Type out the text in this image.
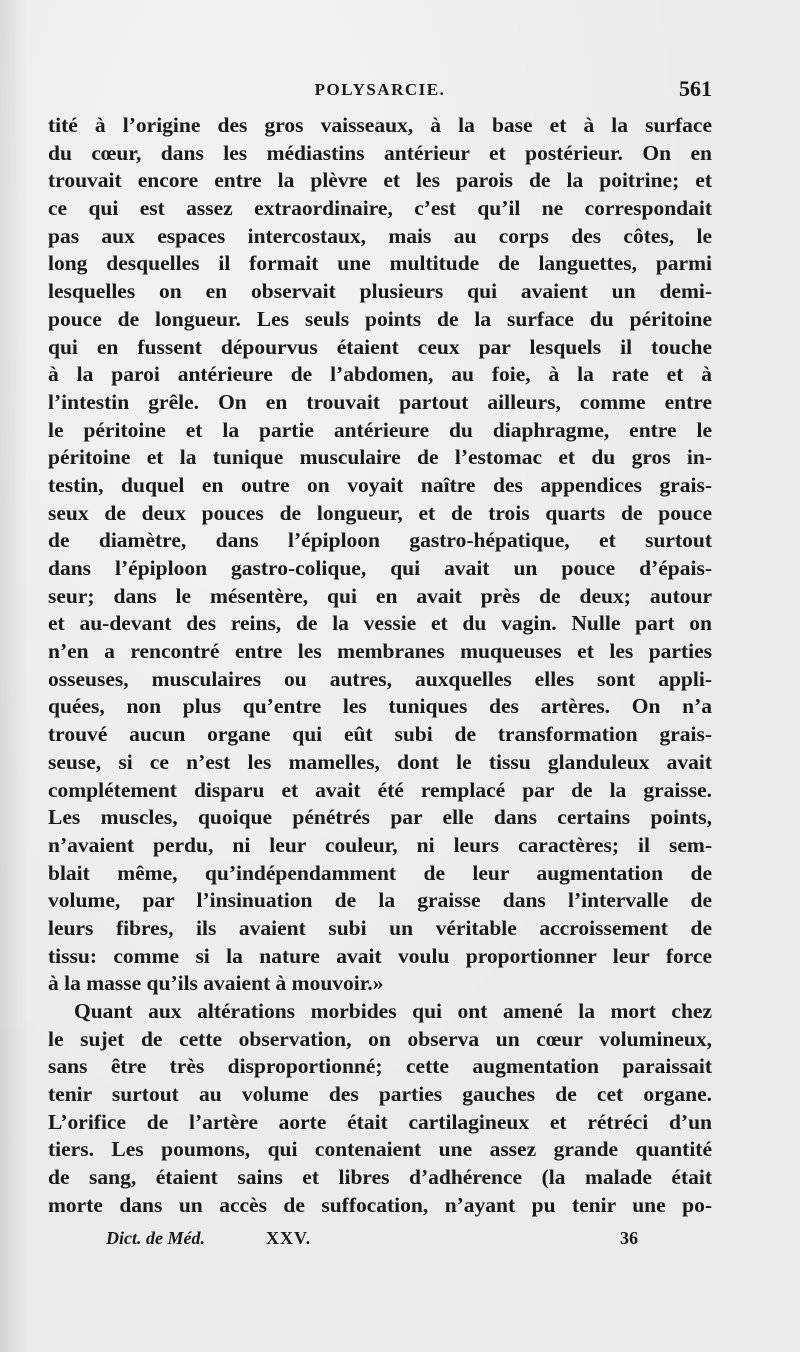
POLYSARCIE.	561
tité à l’origine des gros vaisseaux, à la base et à la surface
du cœur, dans les médiastins antérieur et postérieur. On en
trouvait encore entre la plèvre et les parois de la poitrine; et
ce qui est assez extraordinaire, c’est qu’il ne correspondait
pas aux espaces intercostaux, mais au corps des côtes, le
long desquelles il formait une multitude de languettes, parmi
lesquelles on en observait plusieurs qui avaient un demi-
pouce de longueur. Les seuls points de la surface du péritoine
qui en fussent dépourvus étaient ceux par lesquels il touche
à la paroi antérieure de l’abdomen, au foie, à la rate et à
l’intestin grêle. On en trouvait partout ailleurs, comme entre
le péritoine et la partie antérieure du diaphragme, entre le
péritoine et la tunique musculaire de l’estomac et du gros in-
testin, duquel en outre on voyait naître des appendices grais-
seux de deux pouces de longueur, et de trois quarts de pouce
de diamètre, dans l’épiploon gastro-hépatique, et surtout
dans l’épiploon gastro-colique, qui avait un pouce d’épais-
seur; dans le mésentère, qui en avait près de deux; autour
et au-devant des reins, de la vessie et du vagin. Nulle part on
n’en a rencontré entre les membranes muqueuses et les parties
osseuses, musculaires ou autres, auxquelles elles sont appli-
quées, non plus qu’entre les tuniques des artères. On n’a
trouvé aucun organe qui eût subi de transformation grais-
seuse, si ce n’est les mamelles, dont le tissu glanduleux avait
complétement disparu et avait été remplacé par de la graisse.
Les muscles, quoique pénétrés par elle dans certains points,
n’avaient perdu, ni leur couleur, ni leurs caractères; il sem-
blait même, qu’indépendamment de leur augmentation de
volume, par l’insinuation de la graisse dans l’intervalle de
leurs fibres, ils avaient subi un véritable accroissement de
tissu: comme si la nature avait voulu proportionner leur force
à la masse qu’ils avaient à mouvoir.»
Quant aux altérations morbides qui ont amené la mort chez
le sujet de cette observation, on observa un cœur volumineux,
sans être très disproportionné; cette augmentation paraissait
tenir surtout au volume des parties gauches de cet organe.
L’orifice de l’artère aorte était cartilagineux et rétréci d’un
tiers. Les poumons, qui contenaient une assez grande quantité
de sang, étaient sains et libres d’adhérence (la malade était
morte dans un accès de suffocation, n’ayant pu tenir une po-
Dict. de Méd.	XXV.	36
